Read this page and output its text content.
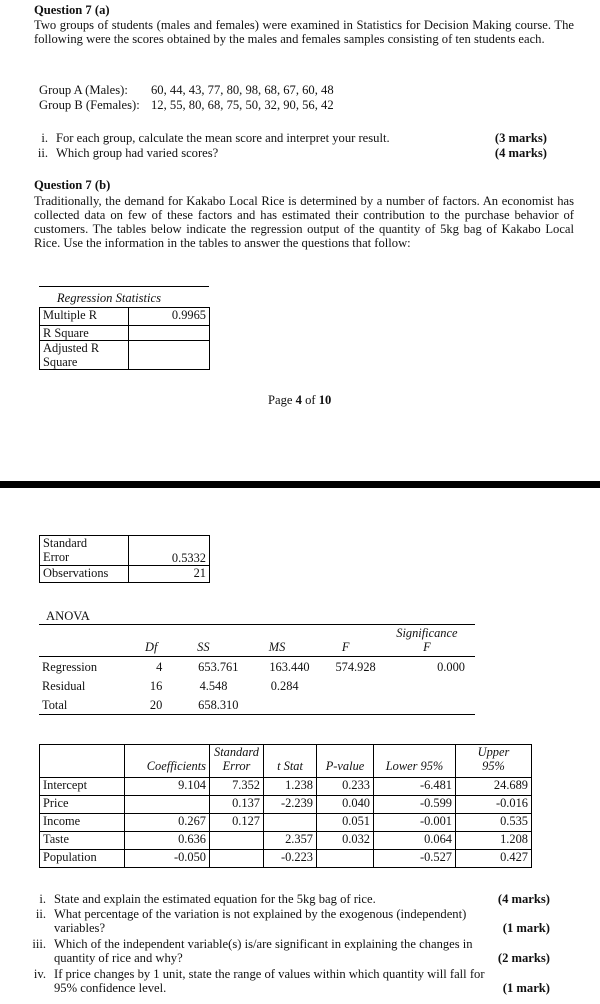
Question 7 (a)
Two groups of students (males and females) were examined in Statistics for Decision Making course. The following were the scores obtained by the males and females samples consisting of ten students each.
Group A (Males): 60, 44, 43, 77, 80, 98, 68, 67, 60, 48
Group B (Females): 12, 55, 80, 68, 75, 50, 32, 90, 56, 42
i. For each group, calculate the mean score and interpret your result.	(3 marks)
ii. Which group had varied scores?	(4 marks)
Question 7 (b)
Traditionally, the demand for Kakabo Local Rice is determined by a number of factors. An economist has collected data on few of these factors and has estimated their contribution to the purchase behavior of customers. The tables below indicate the regression output of the quantity of 5kg bag of Kakabo Local Rice. Use the information in the tables to answer the questions that follow:
Regression Statistics
Multiple R	0.9965
R Square	

Adjusted R
Square	

Page 4 of 10
Standard
Error	0.5332
Observations	21
ANOVA
					Significance
	Df	SS	MS	F	F
Regression	4	653.761	163.440	574.928	0.000
Residual	16	4.548	0.284		
Total	20	658.310			
		Standard				Upper
	Coefficients	Error	t Stat	P-value	Lower 95%	95%
Intercept	9.104	7.352	1.238	0.233	-6.481	24.689
Price		0.137	-2.239	0.040	-0.599	-0.016
Income	0.267	0.127		0.051	-0.001	0.535
Taste	0.636		2.357	0.032	0.064	1.208
Population	-0.050		-0.223		-0.527	0.427
i. State and explain the estimated equation for the 5kg bag of rice.	(4 marks)
ii. What percentage of the variation is not explained by the exogenous (independent)
variables?	(1 mark)
iii. Which of the independent variable(s) is/are significant in explaining the changes in
quantity of rice and why?	(2 marks)
iv. If price changes by 1 unit, state the range of values within which quantity will fall for
95% confidence level.	(1 mark)
